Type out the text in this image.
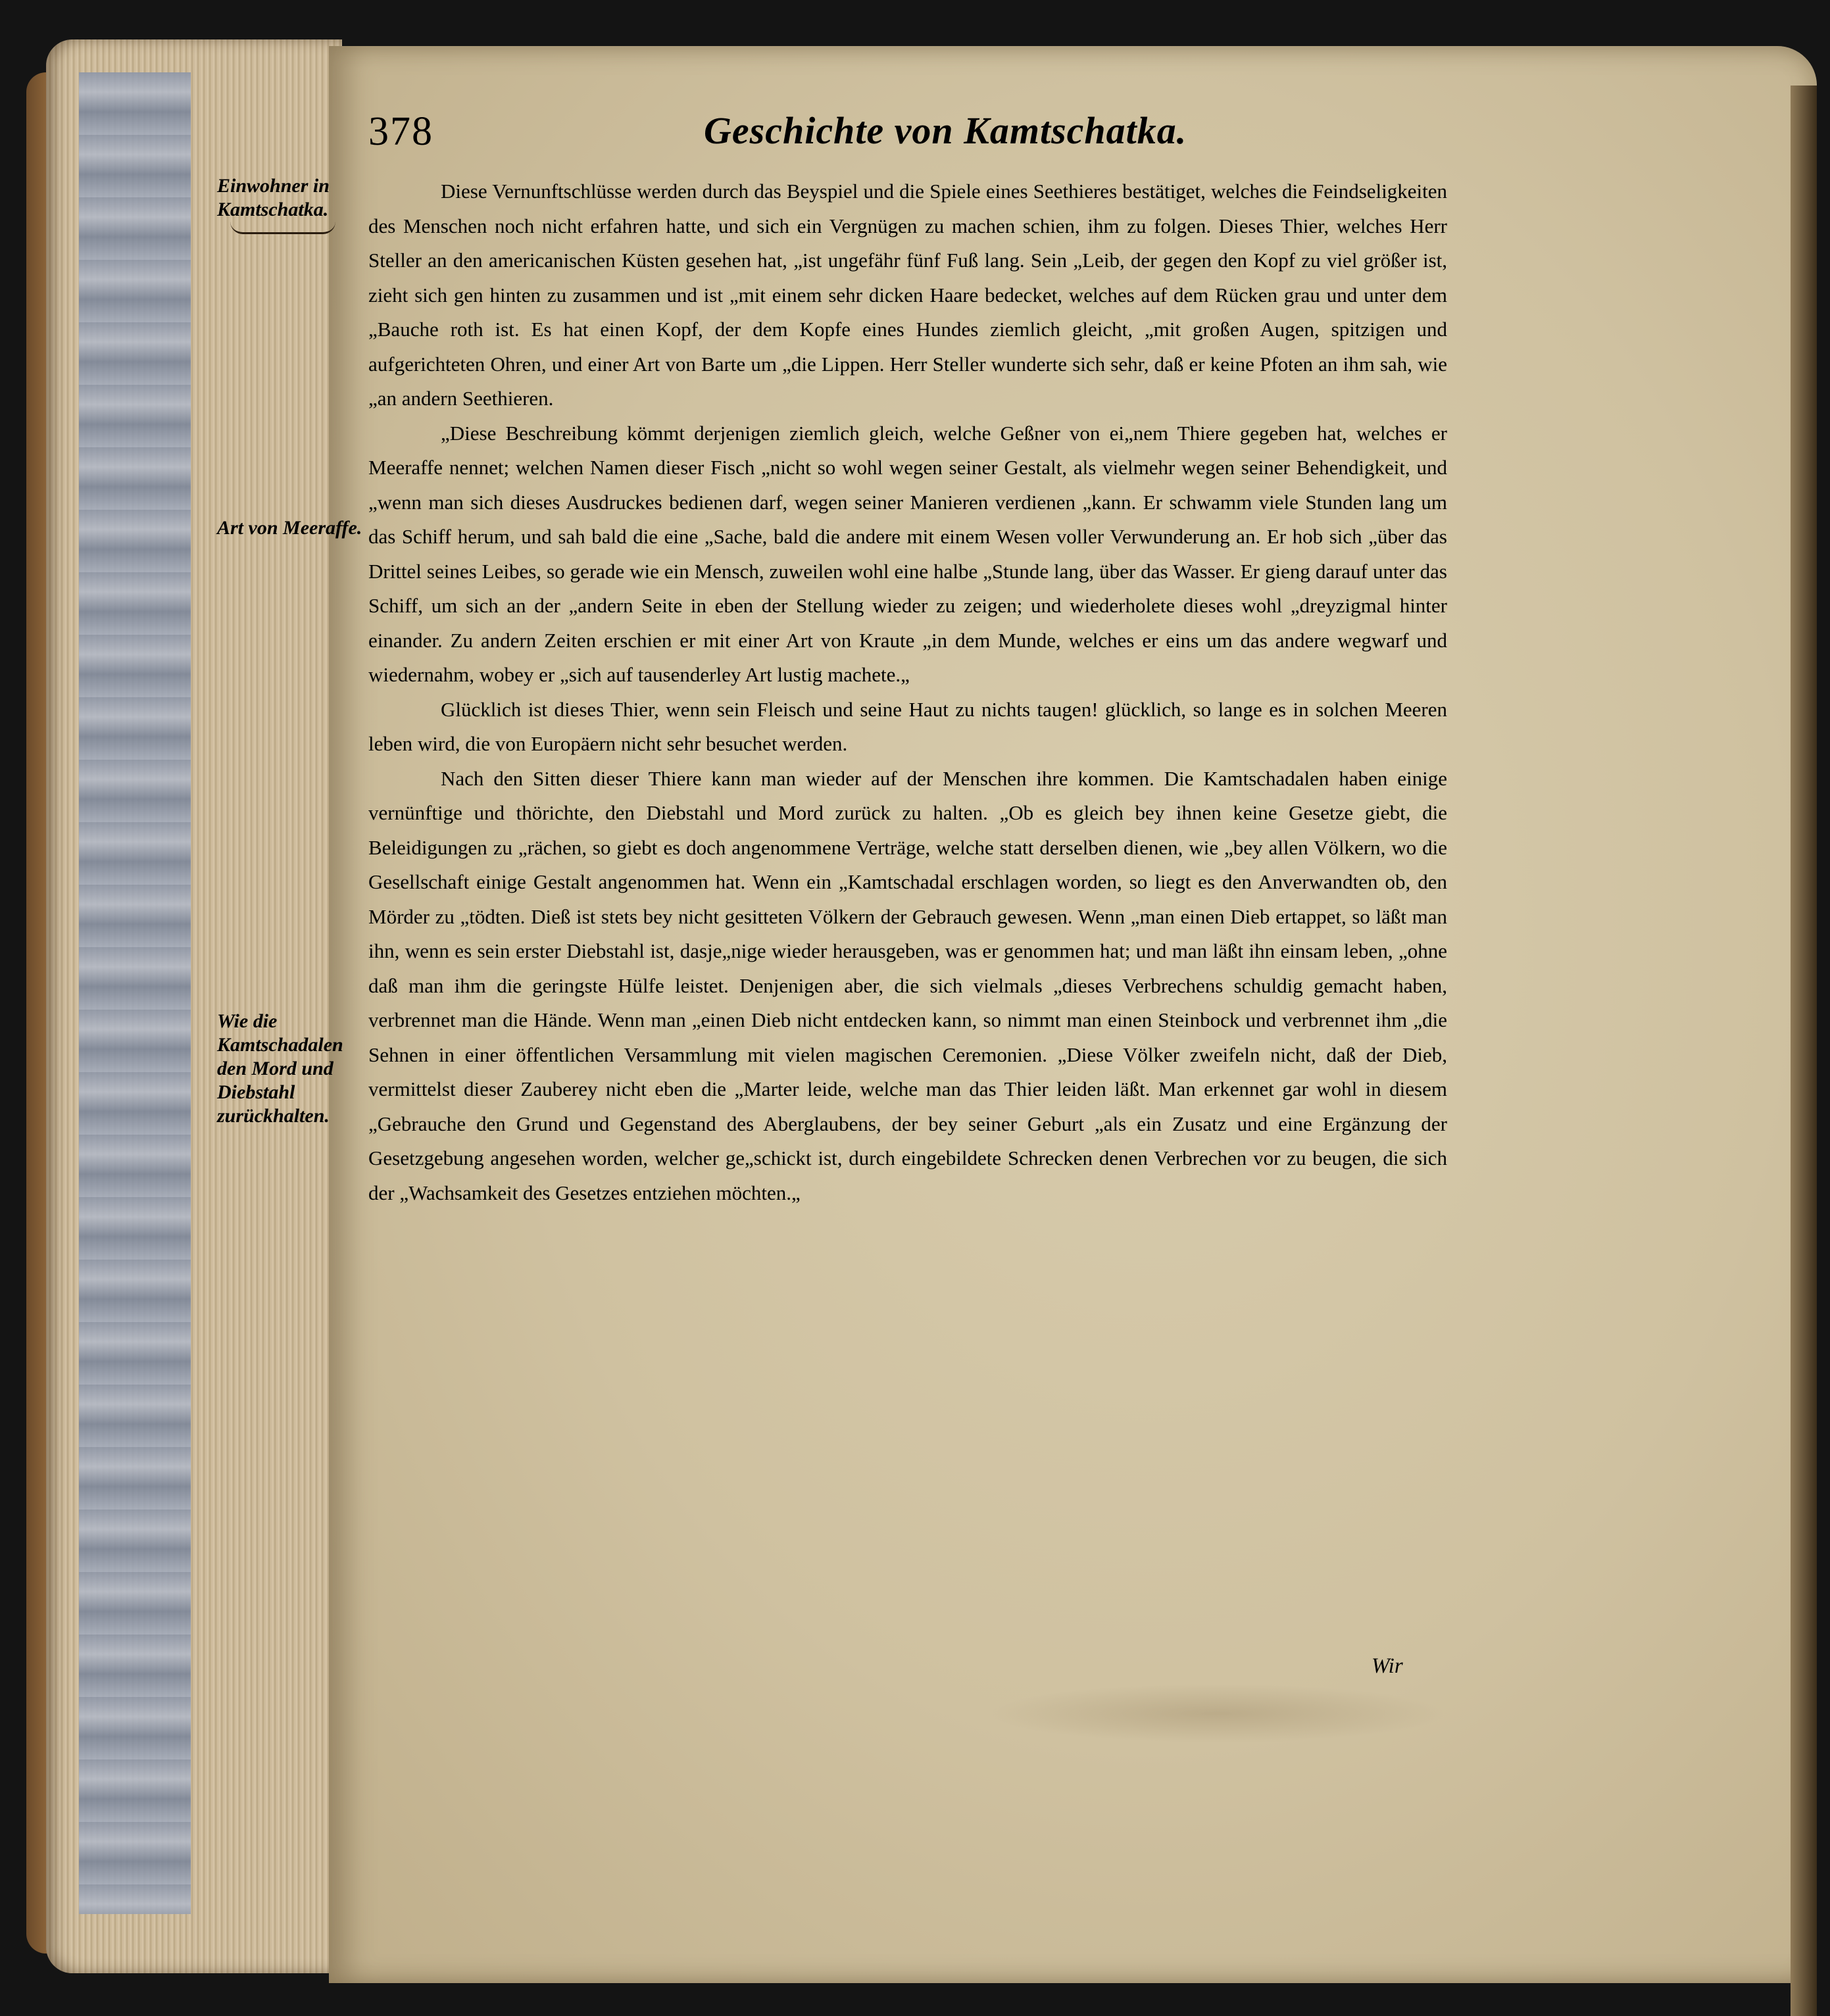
378	Geschichte von Kamtschatka.
Einwohner in Kamtschatka.
Art von Meeraffe.
Wie die Kamtschadalen den Mord und Diebstahl zurückhalten.

Diese Vernunftschlüsse werden durch das Beyspiel und die Spiele eines Seethieres bestätiget, welches die Feindseligkeiten des Menschen noch nicht erfahren hatte, und sich ein Vergnügen zu machen schien, ihm zu folgen. Dieses Thier, welches Herr Steller an den americanischen Küsten gesehen hat, „ist ungefähr fünf Fuß lang. Sein „Leib, der gegen den Kopf zu viel größer ist, zieht sich gen hinten zu zusammen und ist „mit einem sehr dicken Haare bedecket, welches auf dem Rücken grau und unter dem „Bauche roth ist. Es hat einen Kopf, der dem Kopfe eines Hundes ziemlich gleicht, „mit großen Augen, spitzigen und aufgerichteten Ohren, und einer Art von Barte um „die Lippen. Herr Steller wunderte sich sehr, daß er keine Pfoten an ihm sah, wie „an andern Seethieren.

„Diese Beschreibung kömmt derjenigen ziemlich gleich, welche Geßner von ei„nem Thiere gegeben hat, welches er Meeraffe nennet; welchen Namen dieser Fisch „nicht so wohl wegen seiner Gestalt, als vielmehr wegen seiner Behendigkeit, und „wenn man sich dieses Ausdruckes bedienen darf, wegen seiner Manieren verdienen „kann. Er schwamm viele Stunden lang um das Schiff herum, und sah bald die eine „Sache, bald die andere mit einem Wesen voller Verwunderung an. Er hob sich „über das Drittel seines Leibes, so gerade wie ein Mensch, zuweilen wohl eine halbe „Stunde lang, über das Wasser. Er gieng darauf unter das Schiff, um sich an der „andern Seite in eben der Stellung wieder zu zeigen; und wiederholete dieses wohl „dreyzigmal hinter einander. Zu andern Zeiten erschien er mit einer Art von Kraute „in dem Munde, welches er eins um das andere wegwarf und wiedernahm, wobey er „sich auf tausenderley Art lustig machete.„

Glücklich ist dieses Thier, wenn sein Fleisch und seine Haut zu nichts taugen! glücklich, so lange es in solchen Meeren leben wird, die von Europäern nicht sehr besuchet werden.

Nach den Sitten dieser Thiere kann man wieder auf der Menschen ihre kommen. Die Kamtschadalen haben einige vernünftige und thörichte, den Diebstahl und Mord zurück zu halten. „Ob es gleich bey ihnen keine Gesetze giebt, die Beleidigungen zu „rächen, so giebt es doch angenommene Verträge, welche statt derselben dienen, wie „bey allen Völkern, wo die Gesellschaft einige Gestalt angenommen hat. Wenn ein „Kamtschadal erschlagen worden, so liegt es den Anverwandten ob, den Mörder zu „tödten. Dieß ist stets bey nicht gesitteten Völkern der Gebrauch gewesen. Wenn „man einen Dieb ertappet, so läßt man ihn, wenn es sein erster Diebstahl ist, dasje„nige wieder herausgeben, was er genommen hat; und man läßt ihn einsam leben, „ohne daß man ihm die geringste Hülfe leistet. Denjenigen aber, die sich vielmals „dieses Verbrechens schuldig gemacht haben, verbrennet man die Hände. Wenn man „einen Dieb nicht entdecken kann, so nimmt man einen Steinbock und verbrennet ihm „die Sehnen in einer öffentlichen Versammlung mit vielen magischen Ceremonien. „Diese Völker zweifeln nicht, daß der Dieb, vermittelst dieser Zauberey nicht eben die „Marter leide, welche man das Thier leiden läßt. Man erkennet gar wohl in diesem „Gebrauche den Grund und Gegenstand des Aberglaubens, der bey seiner Geburt „als ein Zusatz und eine Ergänzung der Gesetzgebung angesehen worden, welcher ge„schickt ist, durch eingebildete Schrecken denen Verbrechen vor zu beugen, die sich der „Wachsamkeit des Gesetzes entziehen möchten.„

Wir
